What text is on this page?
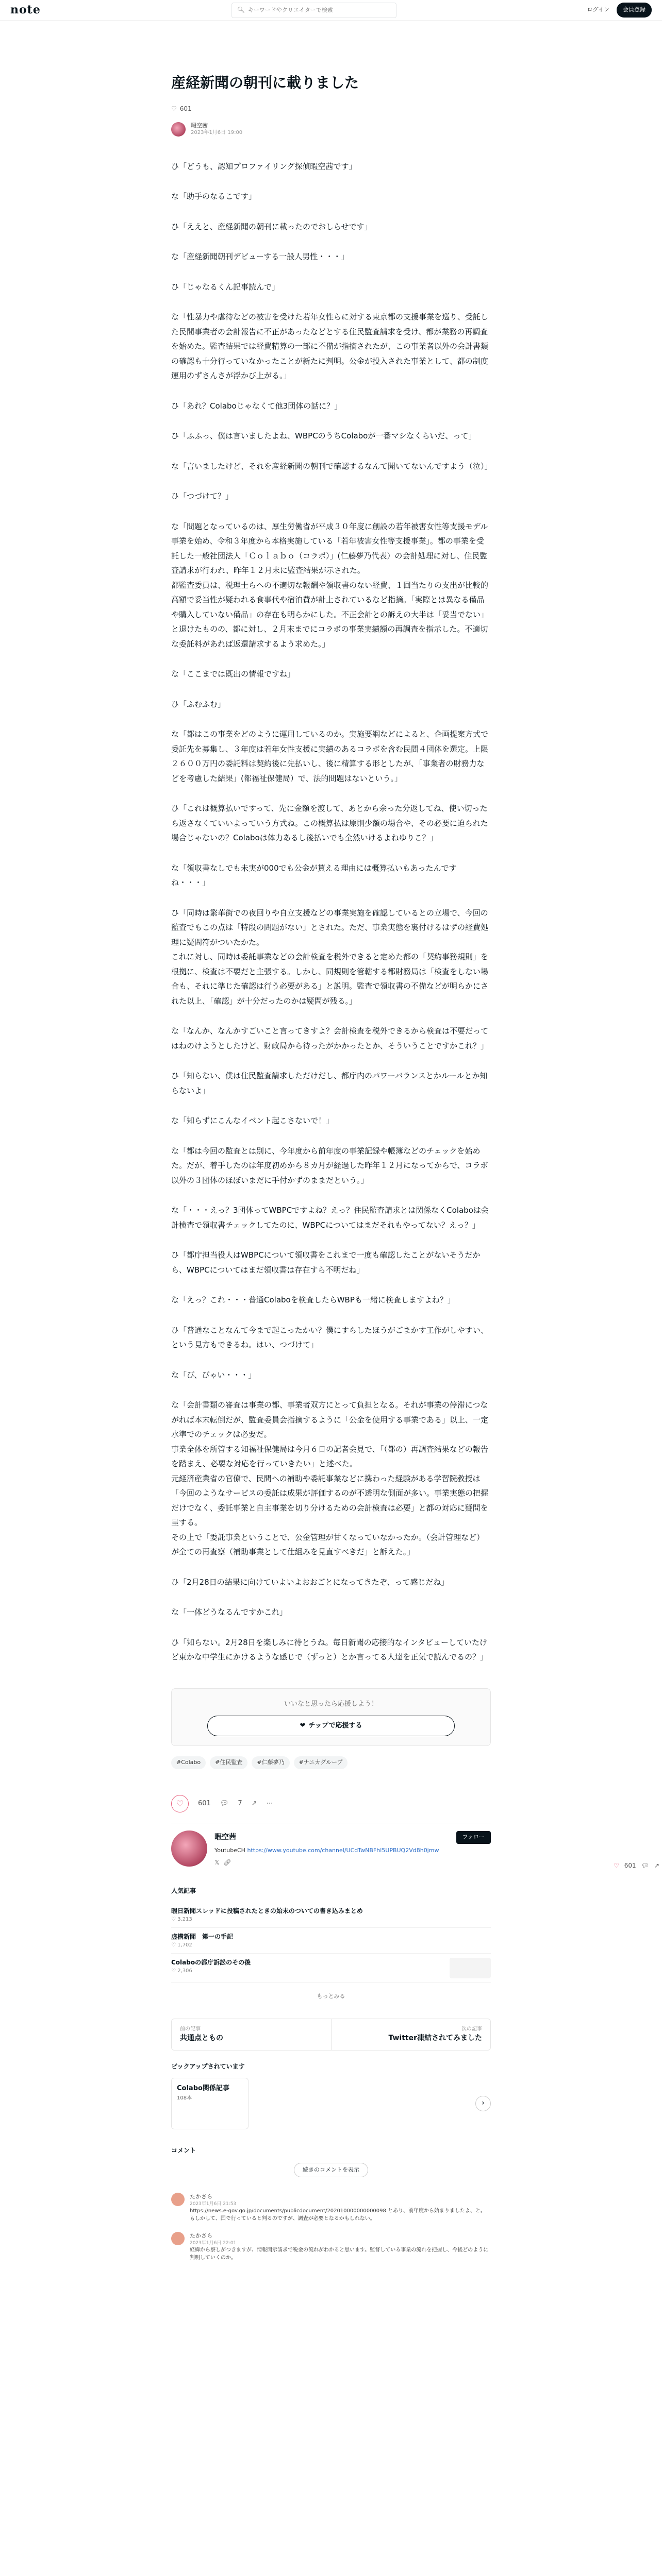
note	🔍︎
キーワードやクリエイターで検索	ログイン	会員登録
産経新聞の朝刊に載りました
♡ 601
暇空茜
2023年1月6日 19:00

ひ「どうも、認知プロファイリング探偵暇空茜です」

な「助手のなるこです」

ひ「ええと、産経新聞の朝刊に載ったのでおしらせです」

な「産経新聞朝刊デビューする一般人男性・・・」

ひ「じゃなるくん記事読んで」

な「性暴力や虐待などの被害を受けた若年女性らに対する東京都の支援事業を巡り、受託した民間事業者の会計報告に不正があったなどとする住民監査請求を受け、都が業務の再調査を始めた。監査結果では経費精算の一部に不備が指摘されたが、この事業者以外の会計書類の確認も十分行っていなかったことが新たに判明。公金が投入された事業として、都の制度運用のずさんさが浮かび上がる。」

ひ「あれ？Colaboじゃなくて他3団体の話に？」

ひ「ふふっ、僕は言いましたよね、WBPCのうちColaboが一番マシなくらいだ、って」

な「言いましたけど、それを産経新聞の朝刊で確認するなんて聞いてないんですよう（泣）」

ひ「つづけて？」

な「問題となっているのは、厚生労働省が平成３０年度に創設の若年被害女性等支援モデル事業を始め、令和３年度から本格実施している「若年被害女性等支援事業」。都の事業を受託した一般社団法人「Ｃｏｌａｂｏ（コラボ）」(仁藤夢乃代表）の会計処理に対し、住民監査請求が行われ、昨年１２月末に監査結果が示された。
都監査委員は、税理士らへの不適切な報酬や領収書のない経費、１回当たりの支出が比較的高額で妥当性が疑われる食事代や宿泊費が計上されているなど指摘。「実際とは異なる備品や購入していない備品」の存在も明らかにした。不正会計との訴えの大半は「妥当でない」と退けたものの、都に対し、２月末までにコラボの事業実績額の再調査を指示した。不適切な委託料があれば返還請求するよう求めた。」

な「ここまでは既出の情報ですね」

ひ「ふむふむ」

な「都はこの事業をどのように運用しているのか。実施要綱などによると、企画提案方式で委託先を募集し、３年度は若年女性支援に実績のあるコラボを含む民間４団体を選定。上限２６００万円の委託料は契約後に先払いし、後に精算する形としたが、「事業者の財務力などを考慮した結果」(都福祉保健局）で、法的問題はないという。」

ひ「これは概算払いですって、先に金額を渡して、あとから余った分返してね、使い切ったら返さなくていいよっていう方式ね。この概算払は原則少額の場合や、その必要に迫られた場合じゃないの？Colaboは体力あるし後払いでも全然いけるよねゆりこ？」

な「領収書なしでも未実が000でも公金が貰える理由には概算払いもあったんですね・・・」

ひ「同時は繁華街での夜回りや自立支援などの事業実施を確認しているとの立場で、今回の監査でもこの点は「特段の問題がない」とされた。ただ、事業実態を裏付けるはずの経費処理に疑問符がついたかた。
これに対し、同時は委託事業などの会計検査を税外できると定めた都の「契約事務規則」を根拠に、検査は不要だと主張する。しかし、同規則を管轄する都財務局は「検査をしない場合も、それに準じた確認は行う必要がある」と説明。監査で領収書の不備などが明らかにされた以上、「確認」が十分だったのかは疑問が残る。」

な「なんか、なんかすごいこと言ってきすよ？会計検査を税外できるから検査は不要だってはねのけようとしたけど、財政局から待ったがかかったとか、そういうことですかこれ？」

ひ「知らない、僕は住民監査請求しただけだし、都庁内のパワーバランスとかルールとか知らないよ」

な「知らずにこんなイベント起こさないで！」

な「都は今回の監査とは別に、今年度から前年度の事業記録や帳簿などのチェックを始めた。だが、着手したのは年度初めから８カ月が経過した昨年１２月になってからで、コラボ以外の３団体のほぼいまだに手付かずのままだという。」

な「・・・えっ？3団体ってWBPCですよね？えっ？住民監査請求とは関係なくColaboは会計検査で領収書チェックしてたのに、WBPCについてはまだそれもやってない？えっ？」

ひ「都庁担当役人はWBPCについて領収書をこれまで一度も確認したことがないそうだから、WBPCについてはまだ領収書は存在すら不明だね」

な「えっ？これ・・・普通Colaboを検査したらWBPも一緒に検査しますよね？」

ひ「普通なことなんて今まで起こったかい？僕にすらしたほうがごまかす工作がしやすい、という見方もできるね。はい、つづけて」

な「ぴ、ぴゃい・・・」

な「会計書類の審査は事業の都、事業者双方にとって負担となる。それが事業の停滞につながれば本末転倒だが、監査委員会指摘するように「公金を使用する事業である」以上、一定水準でのチェックは必要だ。
事業全体を所管する知福祉保健局は今月６日の記者会見で、「（都の）再調査結果などの報告を踏まえ、必要な対応を行っていきたい」と述べた。
元経済産業省の官僚で、民間への補助や委託事業などに携わった経験がある学習院教授は「今回のようなサービスの委託は成果が評価するのが不透明な側面が多い。事業実態の把握だけでなく、委託事業と自主事業を切り分けるための会計検査は必要」と都の対応に疑問を呈する。
その上で「委託事業ということで、公金管理が甘くなっていなかったか。（会計管理など）が全ての再査察（補助事業として仕組みを見直すべきだ」と訴えた。」

ひ「2月28日の結果に向けていよいよおおごとになってきたぞ、って感じだね」

な「一体どうなるんですかこれ」

ひ「知らない。2月28日を楽しみに待とうね。毎日新聞の応接的なインタビューしていたけど東かな中学生にかけるような感じで（ずっと）とか言ってる人達を正気で読んでるの？」

いいなと思ったら応援しよう！
❤ チップで応援する
#Colabo	#住民監査	#仁藤夢乃	#ナニカグループ
♡	601 💬︎ 7 ↗ ⋯
暇空茜	フォロー
YoutubeCH https://www.youtube.com/channel/UCdTwNBFhl5UPBUQ2Vd8h0jmw
𝕏 🔗︎
人気記事
暇日新聞スレッドに投稿されたときの始末のついての書き込みまとめ
♡ 3,213
虚構新聞　第一の手記
♡ 1,702
Colaboの都庁訴訟のその後
♡ 2,306
もっとみる
前の記事
共通点ともの
次の記事
Twitter凍結されてみました
ピックアップされています
Colabo関係記事
108本
›
コメント
続きのコメントを表示
たかさら
2023年1月6日 21:53
https://news.e-gov.go.jp/documents/publicdocument/202010000000000098 とあり、前年度から始まりましたよ、と。もしかして、国で行っていると判るのですが、調査が必要となるかもしれない。
たかさら
2023年1月6日 22:01
経緯から察しがつきますが、情報開示請求で税金の流れがわかると思います。監督している事業の流れを把握し、今後どのように判明していくのか。
♡ 601 💬︎ ↗
